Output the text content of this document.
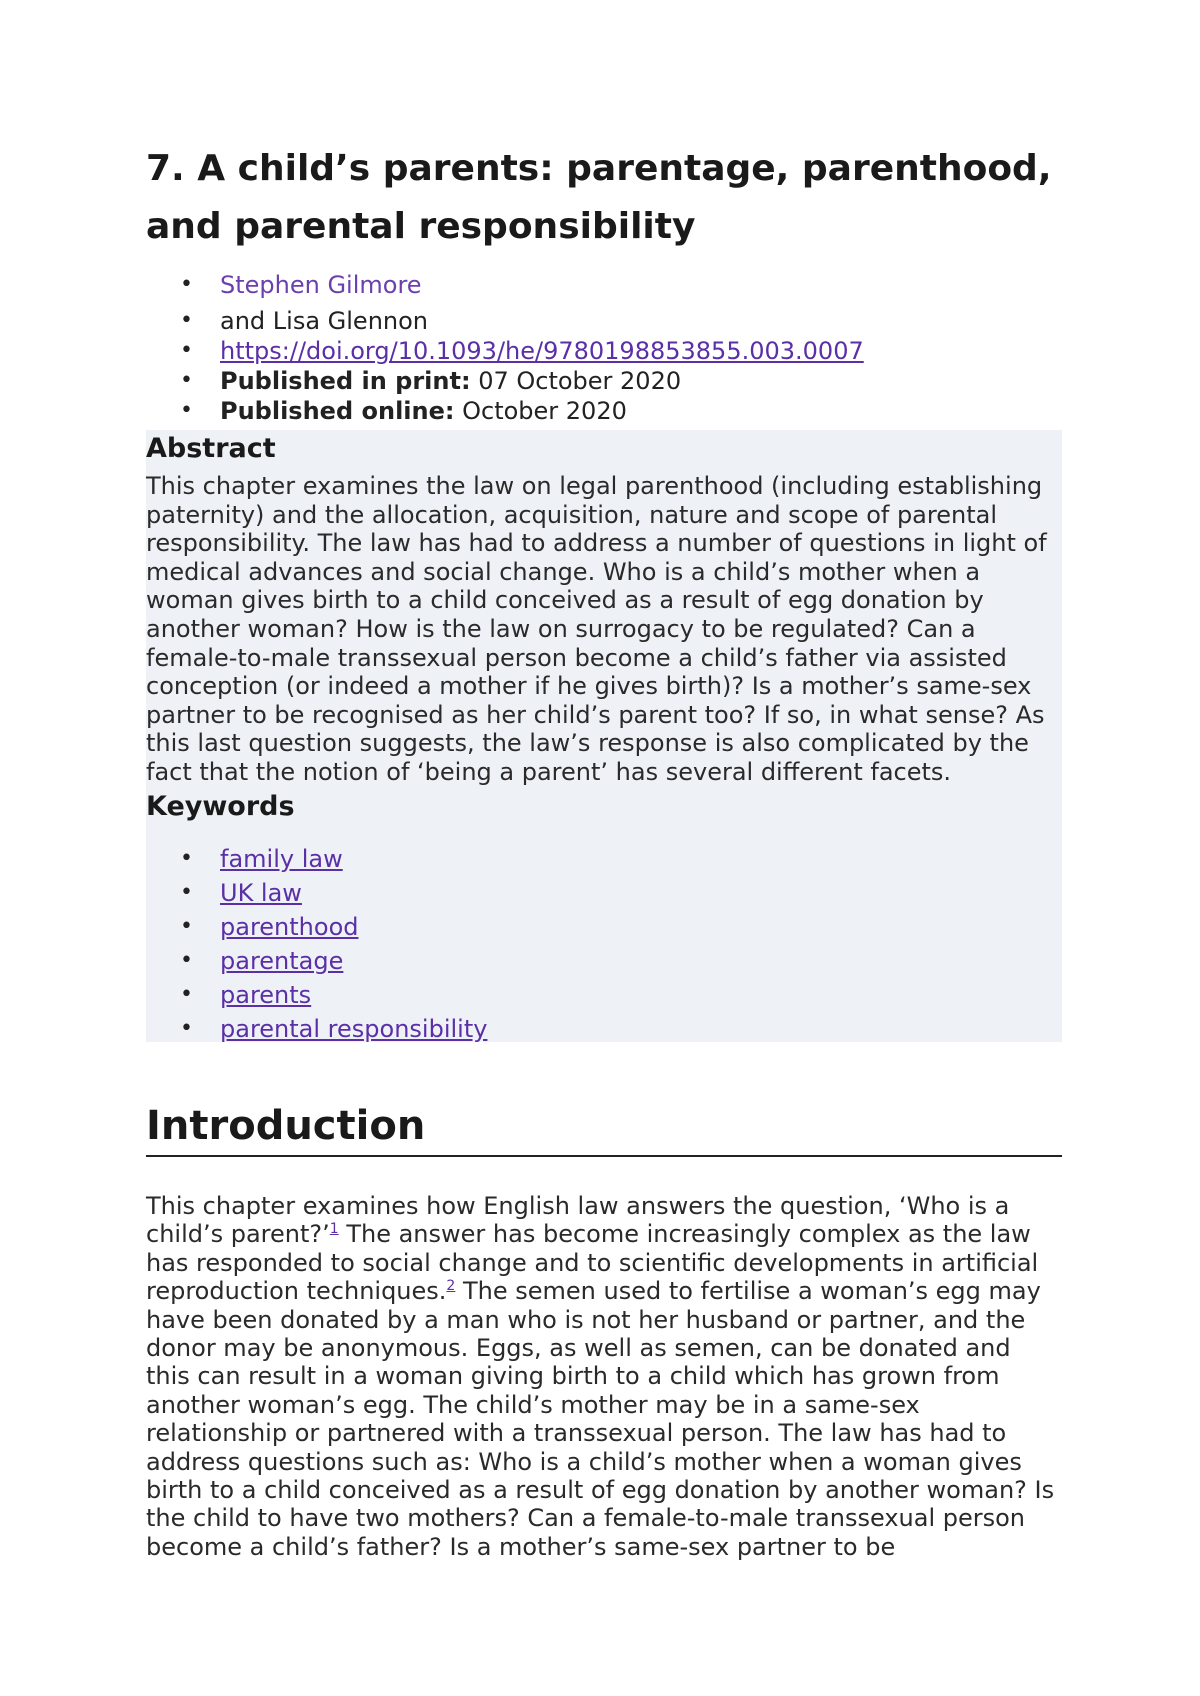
7. A child’s parents: parentage, parenthood, and parental responsibility
• Stephen Gilmore
• and Lisa Glennon
• https://doi.org/10.1093/he/9780198853855.003.0007
• Published in print: 07 October 2020
• Published online: October 2020
Abstract

This chapter examines the law on legal parenthood (including establishing paternity) and the allocation, acquisition, nature and scope of parental responsibility. The law has had to address a number of questions in light of medical advances and social change. Who is a child’s mother when a woman gives birth to a child conceived as a result of egg donation by another woman? How is the law on surrogacy to be regulated? Can a female-to-male transsexual person become a child’s father via assisted conception (or indeed a mother if he gives birth)? Is a mother’s same-sex partner to be recognised as her child’s parent too? If so, in what sense? As this last question suggests, the law’s response is also complicated by the fact that the notion of ‘being a parent’ has several different facets.

Keywords
• family law
• UK law
• parenthood
• parentage
• parents
• parental responsibility
Introduction

This chapter examines how English law answers the question, ‘Who is a child’s parent?’$^1$ The answer has become increasingly complex as the law has responded to social change and to scientific developments in artificial reproduction techniques.$^2$ The semen used to fertilise a woman’s egg may have been donated by a man who is not her husband or partner, and the donor may be anonymous. Eggs, as well as semen, can be donated and this can result in a woman giving birth to a child which has grown from another woman’s egg. The child’s mother may be in a same-sex relationship or partnered with a transsexual person. The law has had to address questions such as: Who is a child’s mother when a woman gives birth to a child conceived as a result of egg donation by another woman? Is the child to have two mothers? Can a female-to-male transsexual person become a child’s father? Is a mother’s same-sex partner to be
